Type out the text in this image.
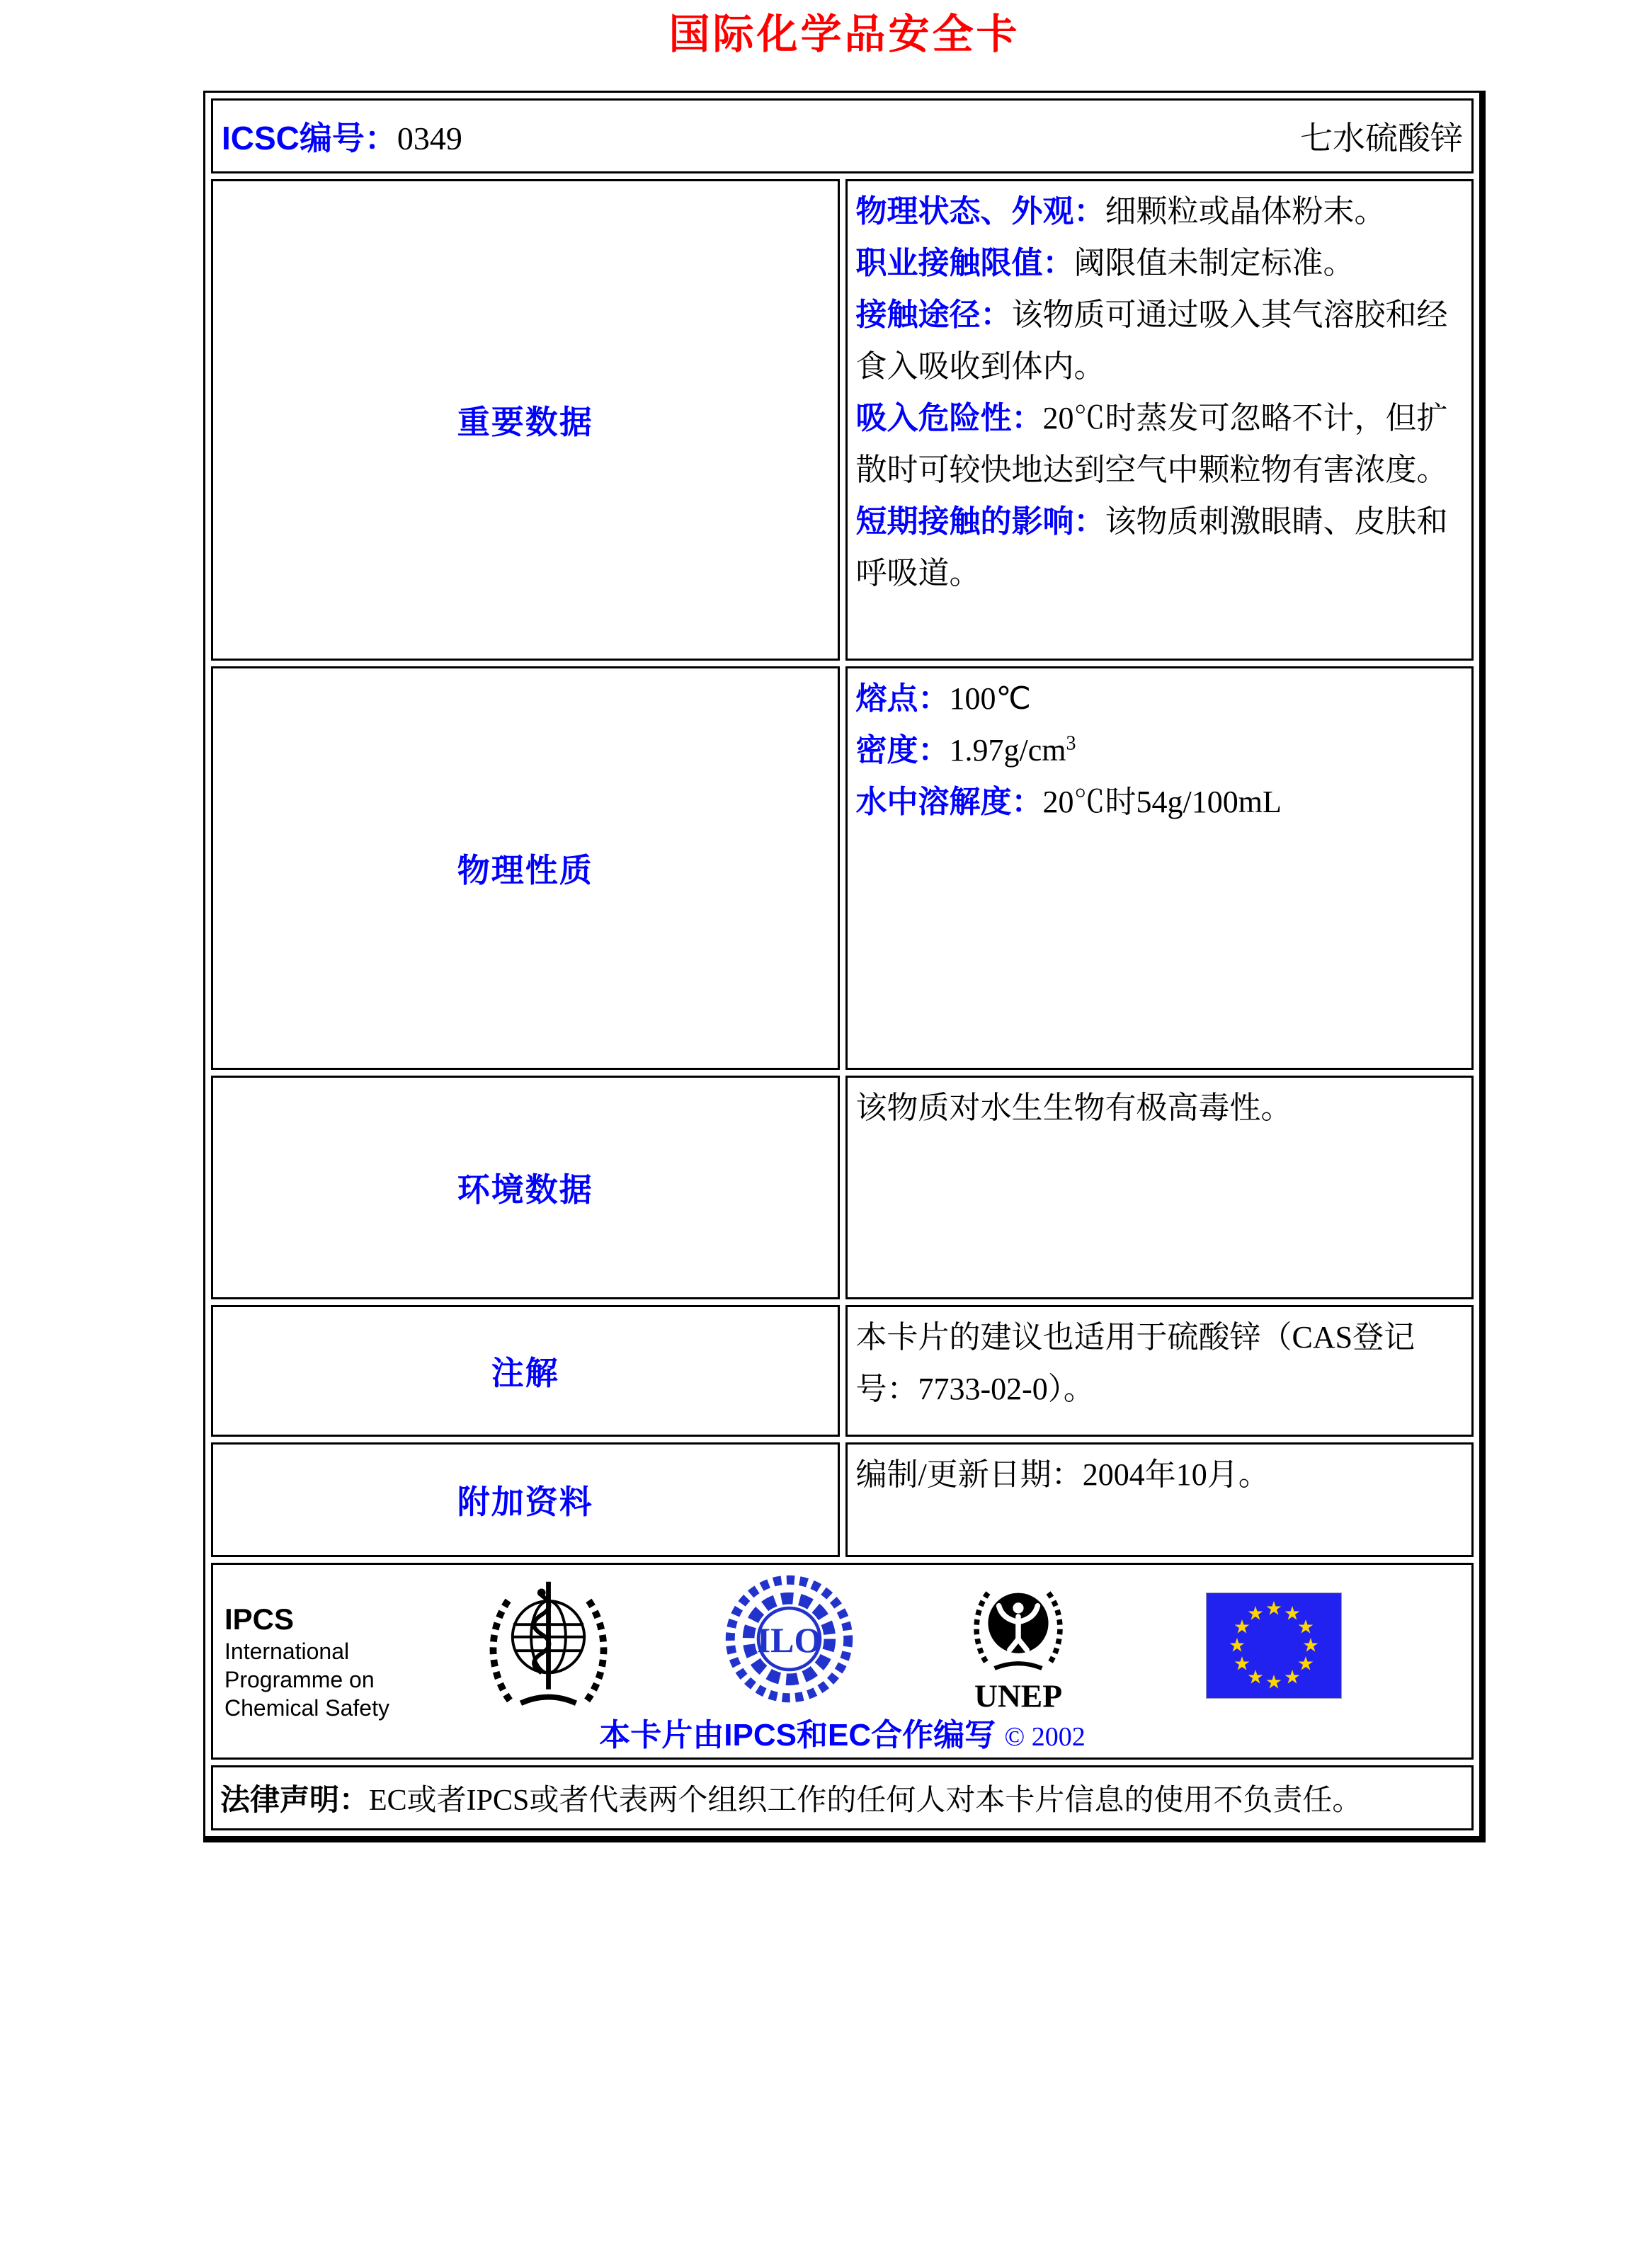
国际化学品安全卡
ICSC编号：0349 七水硫酸锌	

重要数据	物理状态、外观：细颗粒或晶体粉末。

职业接触限值：阈限值未制定标准。

接触途径：该物质可通过吸入其气溶胶和经食入吸收到体内。

吸入危险性：20℃时蒸发可忽略不计，但扩散时可较快地达到空气中颗粒物有害浓度。

短期接触的影响：该物质刺激眼睛、皮肤和呼吸道。

物理性质	熔点：100℃

密度：$1.97g/cm^3$

水中溶解度：20℃时54g/100mL

环境数据	该物质对水生生物有极高毒性。

注解	本卡片的建议也适用于硫酸锌（CAS登记号：7733-02-0）。

附加资料	编制/更新日期：2004年10月。

IPCS
International
Programme on
Chemical Safety
ILO
UNEP
★ ★
★
★
★
★
★
★
★
★
★
★
本卡片由IPCS和EC合作编写 © 2002

法律声明：EC或者IPCS或者代表两个组织工作的任何人对本卡片信息的使用不负责任。	
